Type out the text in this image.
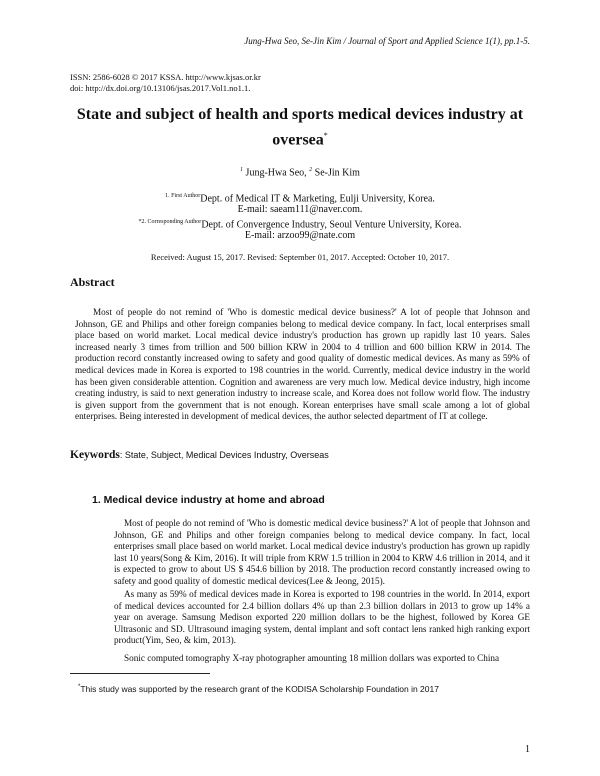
Jung-Hwa Seo, Se-Jin Kim / Journal of Sport and Applied Science 1(1), pp.1-5.
ISSN: 2586-6028 © 2017 KSSA. http://www.kjsas.or.kr
doi: http://dx.doi.org/10.13106/jsas.2017.Vol1.no1.1.
State and subject of health and sports medical devices industry at oversea*
$^1$ Jung-Hwa Seo, $^2$ Se-Jin Kim
$^{1. First Author}$Dept. of Medical IT & Marketing, Eulji University, Korea.
E-mail: saeam111@naver.com.
$^{*2. Corresponding Author}$Dept. of Convergence Industry, Seoul Venture University, Korea.
E-mail: arzoo99@nate.com
Received: August 15, 2017. Revised: September 01, 2017. Accepted: October 10, 2017.
Abstract
Most of people do not remind of 'Who is domestic medical device business?' A lot of people that Johnson and Johnson, GE and Philips and other foreign companies belong to medical device company. In fact, local enterprises small place based on world market. Local medical device industry's production has grown up rapidly last 10 years. Sales increased nearly 3 times from trillion and 500 billion KRW in 2004 to 4 trillion and 600 billion KRW in 2014. The production record constantly increased owing to safety and good quality of domestic medical devices. As many as 59% of medical devices made in Korea is exported to 198 countries in the world. Currently, medical device industry in the world has been given considerable attention. Cognition and awareness are very much low. Medical device industry, high income creating industry, is said to next generation industry to increase scale, and Korea does not follow world flow. The industry is given support from the government that is not enough. Korean enterprises have small scale among a lot of global enterprises. Being interested in development of medical devices, the author selected department of IT at college.
Keywords: State, Subject, Medical Devices Industry, Overseas
1. Medical device industry at home and abroad
Most of people do not remind of 'Who is domestic medical device business?' A lot of people that Johnson and Johnson, GE and Philips and other foreign companies belong to medical device company. In fact, local enterprises small place based on world market. Local medical device industry's production has grown up rapidly last 10 years(Song & Kim, 2016). It will triple from KRW 1.5 trillion in 2004 to KRW 4.6 trillion in 2014, and it is expected to grow to about US $ 454.6 billion by 2018. The production record constantly increased owing to safety and good quality of domestic medical devices(Lee & Jeong, 2015).
As many as 59% of medical devices made in Korea is exported to 198 countries in the world. In 2014, export of medical devices accounted for 2.4 billion dollars 4% up than 2.3 billion dollars in 2013 to grow up 14% a year on average. Samsung Medison exported 220 million dollars to be the highest, followed by Korea GE Ultrasonic and SD. Ultrasound imaging system, dental implant and soft contact lens ranked high ranking export product(Yim, Seo, & kim, 2013).
Sonic computed tomography X-ray photographer amounting 18 million dollars was exported to China
*This study was supported by the research grant of the KODISA Scholarship Foundation in 2017
1
